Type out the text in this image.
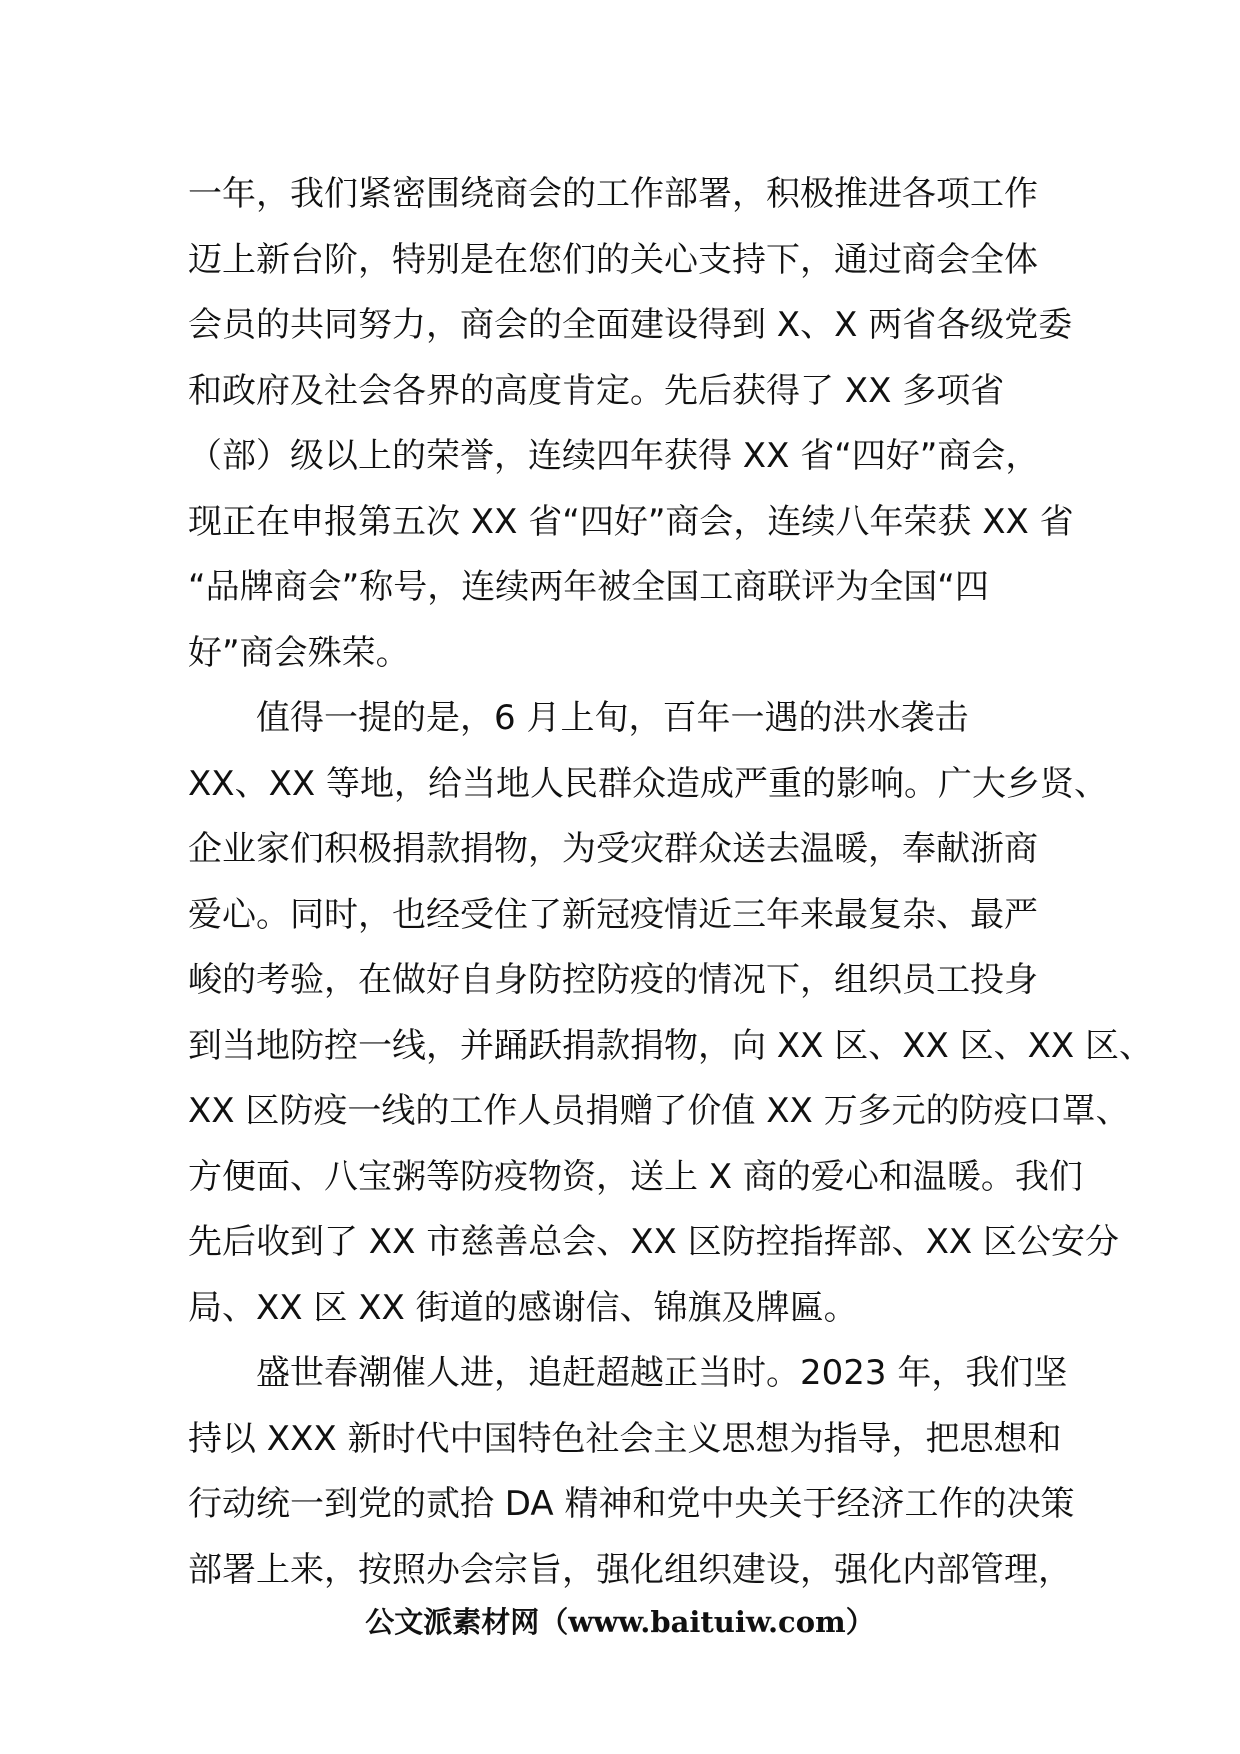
一年，我们紧密围绕商会的工作部署，积极推进各项工作
迈上新台阶，特别是在您们的关心支持下，通过商会全体
会员的共同努力，商会的全面建设得到 X、X 两省各级党委
和政府及社会各界的高度肯定。先后获得了 XX 多项省
（部）级以上的荣誉，连续四年获得 XX 省“四好”商会，
现正在申报第五次 XX 省“四好”商会，连续八年荣获 XX 省
“品牌商会”称号，连续两年被全国工商联评为全国“四
好”商会殊荣。
值得一提的是，6 月上旬，百年一遇的洪水袭击
XX、XX 等地，给当地人民群众造成严重的影响。广大乡贤、
企业家们积极捐款捐物，为受灾群众送去温暖，奉献浙商
爱心。同时，也经受住了新冠疫情近三年来最复杂、最严
峻的考验，在做好自身防控防疫的情况下，组织员工投身
到当地防控一线，并踊跃捐款捐物，向 XX 区、XX 区、XX 区、
XX 区防疫一线的工作人员捐赠了价值 XX 万多元的防疫口罩、
方便面、八宝粥等防疫物资，送上 X 商的爱心和温暖。我们
先后收到了 XX 市慈善总会、XX 区防控指挥部、XX 区公安分
局、XX 区 XX 街道的感谢信、锦旗及牌匾。
盛世春潮催人进，追赶超越正当时。2023 年，我们坚
持以 XXX 新时代中国特色社会主义思想为指导，把思想和
行动统一到党的贰拾 DA 精神和党中央关于经济工作的决策
部署上来，按照办会宗旨，强化组织建设，强化内部管理，
公文派素材网（www.baituiw.com）
